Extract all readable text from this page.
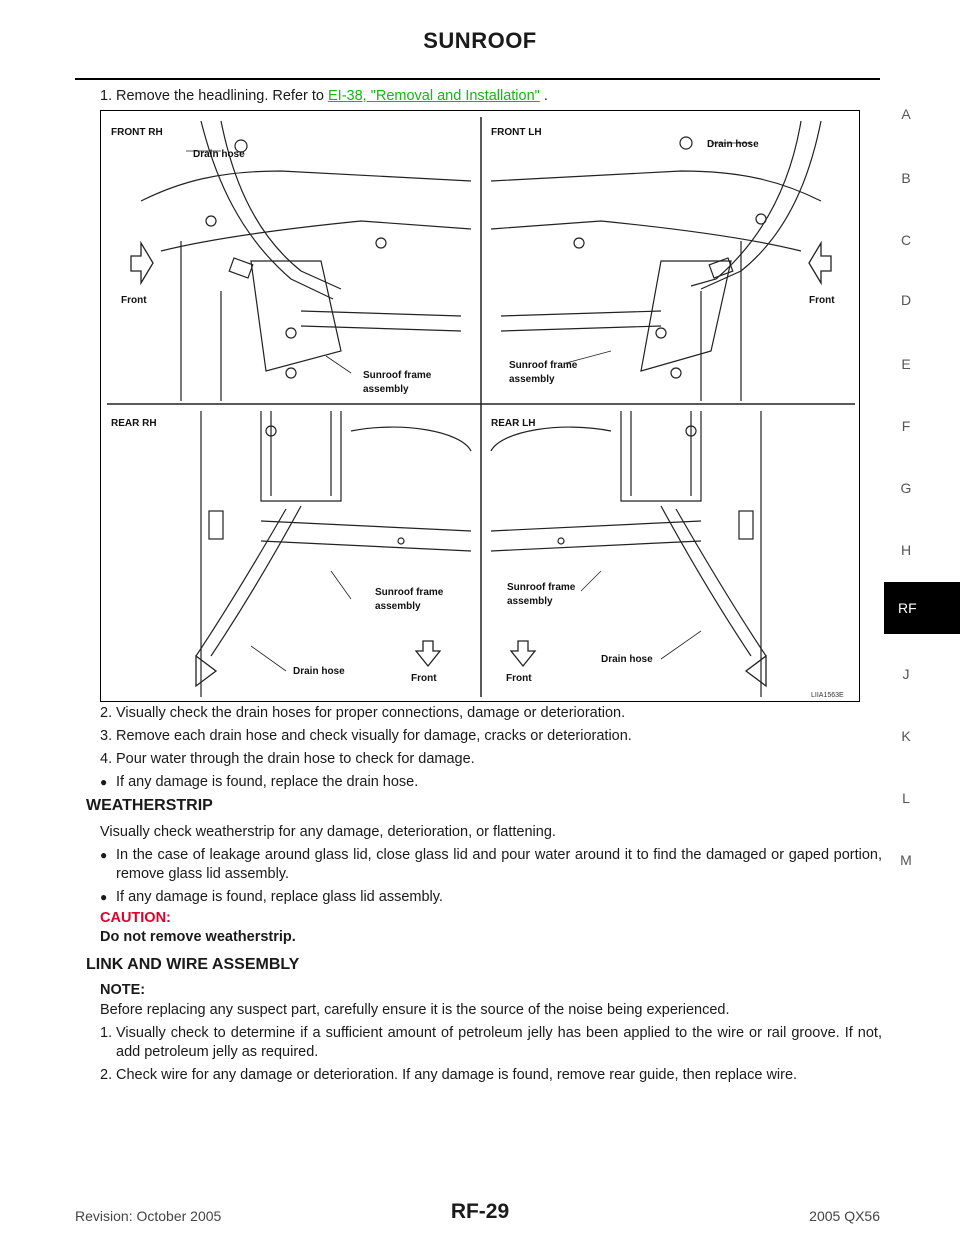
SUNROOF
A
B
C
D
E
F
G
H
RF
J
K
L
M
1. Remove the headlining. Refer to EI-38, "Removal and Installation" .
FRONT RH	FRONT LH
REAR RH	REAR LH
Drain hose
Drain hose
Drain hose
Drain hose
Front	Front
Front	Front
Sunroof frame
assembly
Sunroof frame
assembly
Sunroof frame
assembly
Sunroof frame
assembly
LIIA1563E
2. Visually check the drain hoses for proper connections, damage or deterioration.
3. Remove each drain hose and check visually for damage, cracks or deterioration.
4. Pour water through the drain hose to check for damage.
● If any damage is found, replace the drain hose.
WEATHERSTRIP
Visually check weatherstrip for any damage, deterioration, or flattening.
● In the case of leakage around glass lid, close glass lid and pour water around it to find the damaged or gaped portion, remove glass lid assembly.
● If any damage is found, replace glass lid assembly.
CAUTION:
Do not remove weatherstrip.
LINK AND WIRE ASSEMBLY
NOTE:
Before replacing any suspect part, carefully ensure it is the source of the noise being experienced.
1. Visually check to determine if a sufficient amount of petroleum jelly has been applied to the wire or rail groove. If not, add petroleum jelly as required.
2. Check wire for any damage or deterioration. If any damage is found, remove rear guide, then replace wire.
Revision: October 2005	RF-29	2005 QX56
